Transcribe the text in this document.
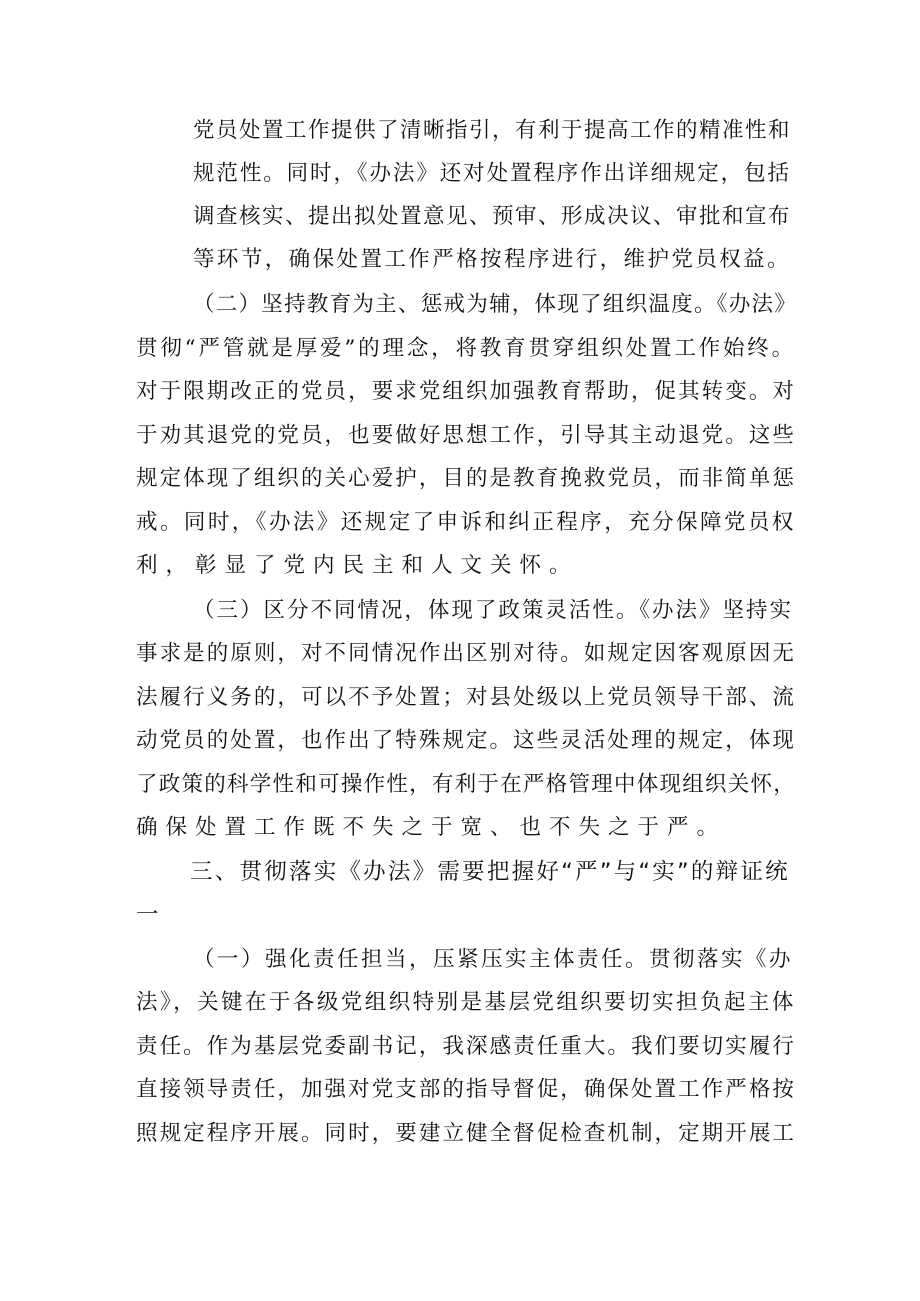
党员处置工作提供了清晰指引，有利于提高工作的精准性和
规范性。同时，《办法》还对处置程序作出详细规定，包括
调查核实、提出拟处置意见、预审、形成决议、审批和宣布
等环节，确保处置工作严格按程序进行，维护党员权益。
（二）坚持教育为主、惩戒为辅，体现了组织温度。《办法》
贯彻“严管就是厚爱”的理念，将教育贯穿组织处置工作始终。
对于限期改正的党员，要求党组织加强教育帮助，促其转变。对
于劝其退党的党员，也要做好思想工作，引导其主动退党。这些
规定体现了组织的关心爱护，目的是教育挽救党员，而非简单惩
戒。同时，《办法》还规定了申诉和纠正程序，充分保障党员权
利，彰显了党内民主和人文关怀。
（三）区分不同情况，体现了政策灵活性。《办法》坚持实
事求是的原则，对不同情况作出区别对待。如规定因客观原因无
法履行义务的，可以不予处置；对县处级以上党员领导干部、流
动党员的处置，也作出了特殊规定。这些灵活处理的规定，体现
了政策的科学性和可操作性，有利于在严格管理中体现组织关怀，
确保处置工作既不失之于宽、也不失之于严。
三、贯彻落实《办法》需要把握好“严”与“实”的辩证统
一
（一）强化责任担当，压紧压实主体责任。贯彻落实《办
法》，关键在于各级党组织特别是基层党组织要切实担负起主体
责任。作为基层党委副书记，我深感责任重大。我们要切实履行
直接领导责任，加强对党支部的指导督促，确保处置工作严格按
照规定程序开展。同时，要建立健全督促检查机制，定期开展工
